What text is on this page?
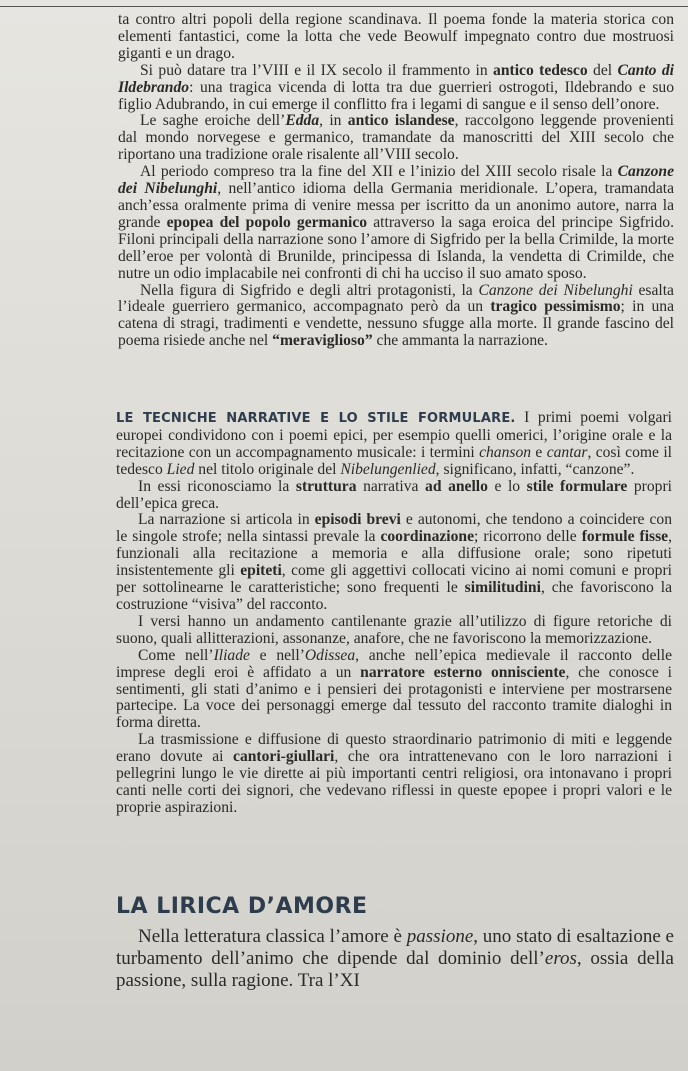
ta contro altri popoli della regione scandinava. Il poema fonde la materia storica con elementi fantastici, come la lotta che vede Beowulf impegnato contro due mostruosi giganti e un drago.

Si può datare tra l’VIII e il IX secolo il frammento in antico tedesco del Canto di Ildebrando: una tragica vicenda di lotta tra due guerrieri ostrogoti, Ildebrando e suo figlio Adubrando, in cui emerge il conflitto fra i legami di sangue e il senso dell’onore.

Le saghe eroiche dell’Edda, in antico islandese, raccolgono leggende provenienti dal mondo norvegese e germanico, tramandate da manoscritti del XIII secolo che riportano una tradizione orale risalente all’VIII secolo.

Al periodo compreso tra la fine del XII e l’inizio del XIII secolo risale la Canzone dei Nibelunghi, nell’antico idioma della Germania meridionale. L’opera, tramandata anch’essa oralmente prima di venire messa per iscritto da un anonimo autore, narra la grande epopea del popolo germanico attraverso la saga eroica del principe Sigfrido. Filoni principali della narrazione sono l’amore di Sigfrido per la bella Crimilde, la morte dell’eroe per volontà di Brunilde, principessa di Islanda, la vendetta di Crimilde, che nutre un odio implacabile nei confronti di chi ha ucciso il suo amato sposo.

Nella figura di Sigfrido e degli altri protagonisti, la Canzone dei Nibelunghi esalta l’ideale guerriero germanico, accompagnato però da un tragico pessimismo; in una catena di stragi, tradimenti e vendette, nessuno sfugge alla morte. Il grande fascino del poema risiede anche nel “meraviglioso” che ammanta la narrazione.

LE TECNICHE NARRATIVE E LO STILE FORMULARE. I primi poemi volgari europei condividono con i poemi epici, per esempio quelli omerici, l’origine orale e la recitazione con un accompagnamento musicale: i termini chanson e cantar, così come il tedesco Lied nel titolo originale del Nibelungenlied, significano, infatti, “canzone”.

In essi riconosciamo la struttura narrativa ad anello e lo stile formulare propri dell’epica greca.

La narrazione si articola in episodi brevi e autonomi, che tendono a coincidere con le singole strofe; nella sintassi prevale la coordinazione; ricorrono delle formule fisse, funzionali alla recitazione a memoria e alla diffusione orale; sono ripetuti insistentemente gli epiteti, come gli aggettivi collocati vicino ai nomi comuni e propri per sottolinearne le caratteristiche; sono frequenti le similitudini, che favoriscono la costruzione “visiva” del racconto.

I versi hanno un andamento cantilenante grazie all’utilizzo di figure retoriche di suono, quali allitterazioni, assonanze, anafore, che ne favoriscono la memorizzazione.

Come nell’Iliade e nell’Odissea, anche nell’epica medievale il racconto delle imprese degli eroi è affidato a un narratore esterno onnisciente, che conosce i sentimenti, gli stati d’animo e i pensieri dei protagonisti e interviene per mostrarsene partecipe. La voce dei personaggi emerge dal tessuto del racconto tramite dialoghi in forma diretta.

La trasmissione e diffusione di questo straordinario patrimonio di miti e leggende erano dovute ai cantori-giullari, che ora intrattenevano con le loro narrazioni i pellegrini lungo le vie dirette ai più importanti centri religiosi, ora intonavano i propri canti nelle corti dei signori, che vedevano riflessi in queste epopee i propri valori e le proprie aspirazioni.

LA LIRICA D’AMORE

Nella letteratura classica l’amore è passione, uno stato di esaltazione e turbamento dell’animo che dipende dal dominio dell’eros, ossia della passione, sulla ragione. Tra l’XI
